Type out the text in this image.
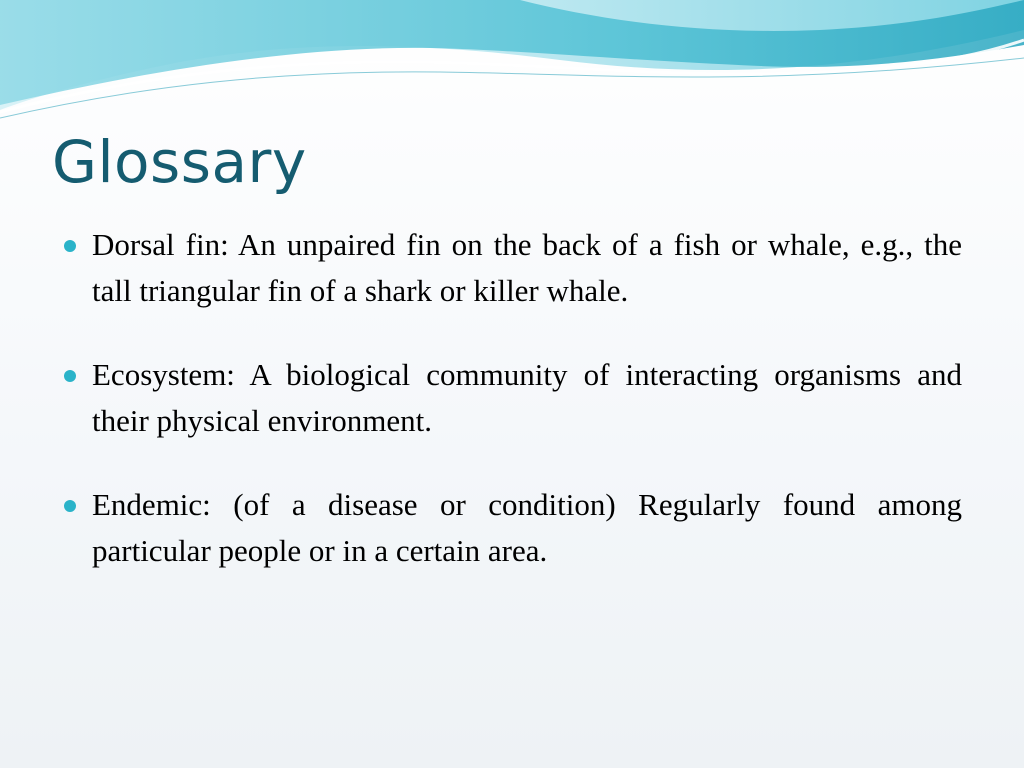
Glossary
Dorsal fin: An unpaired fin on the back of a fish or whale, e.g., the tall triangular fin of a shark or killer whale.
Ecosystem: A biological community of interacting organisms and their physical environment.
Endemic: (of a disease or condition) Regularly found among particular people or in a certain area.
